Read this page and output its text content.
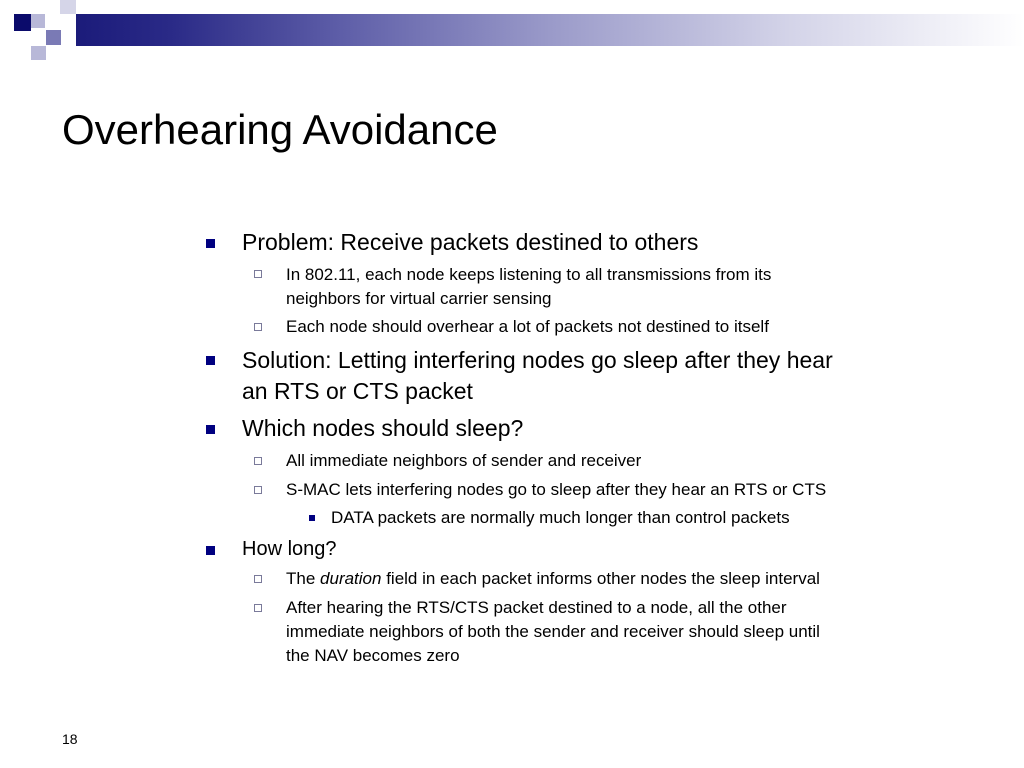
Overhearing Avoidance
Problem: Receive packets destined to others
In 802.11, each node keeps listening to all transmissions from its
neighbors for virtual carrier sensing
Each node should overhear a lot of packets not destined to itself
Solution: Letting interfering nodes go sleep after they hear
an RTS or CTS packet
Which nodes should sleep?
All immediate neighbors of sender and receiver
S-MAC lets interfering nodes go to sleep after they hear an RTS or CTS
DATA packets are normally much longer than control packets
How long?
The duration field in each packet informs other nodes the sleep interval
After hearing the RTS/CTS packet destined to a node, all the other
immediate neighbors of both the sender and receiver should sleep until
the NAV becomes zero
18
